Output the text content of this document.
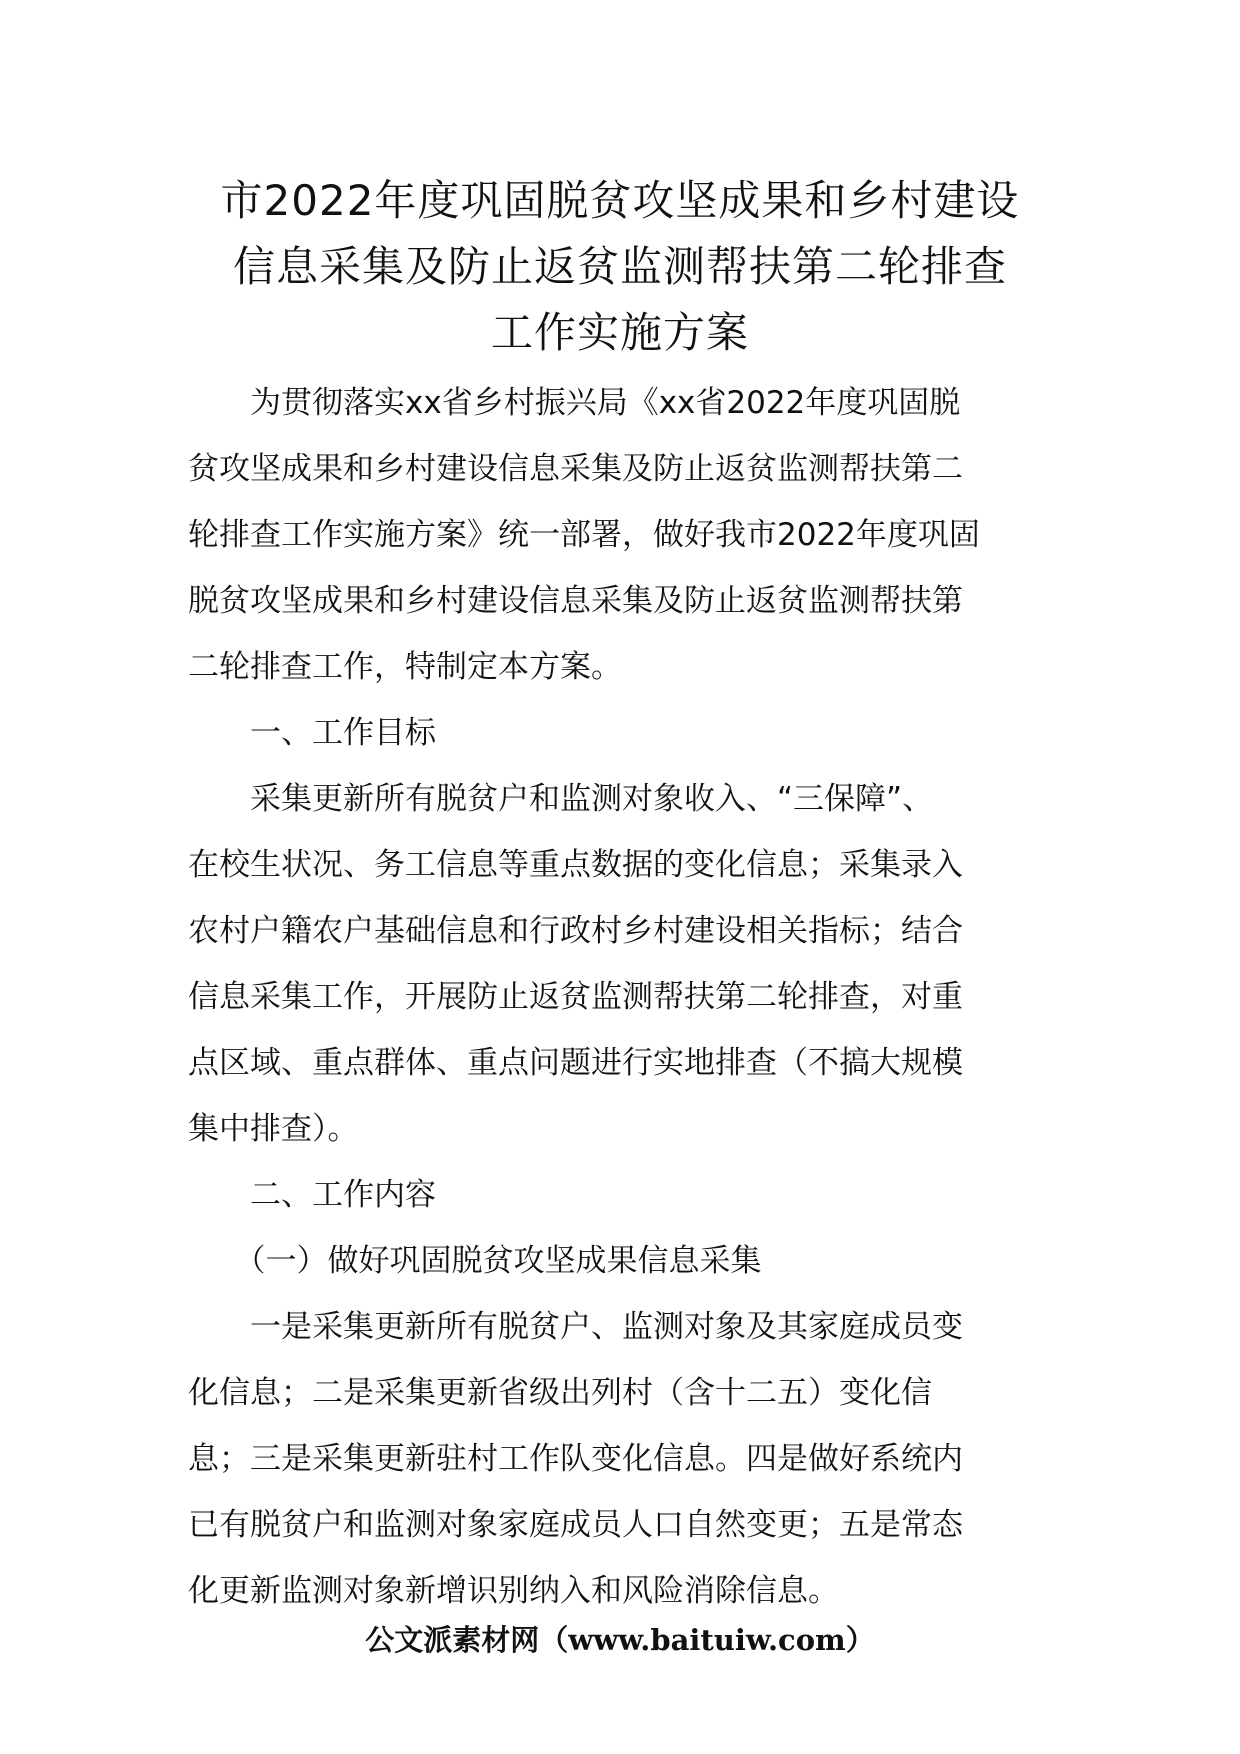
市2022年度巩固脱贫攻坚成果和乡村建设
信息采集及防止返贫监测帮扶第二轮排查
工作实施方案
　　为贯彻落实xx省乡村振兴局《xx省2022年度巩固脱
贫攻坚成果和乡村建设信息采集及防止返贫监测帮扶第二
轮排查工作实施方案》统一部署，做好我市2022年度巩固
脱贫攻坚成果和乡村建设信息采集及防止返贫监测帮扶第
二轮排查工作，特制定本方案。
　　一、工作目标
　　采集更新所有脱贫户和监测对象收入、“三保障”、
在校生状况、务工信息等重点数据的变化信息；采集录入
农村户籍农户基础信息和行政村乡村建设相关指标；结合
信息采集工作，开展防止返贫监测帮扶第二轮排查，对重
点区域、重点群体、重点问题进行实地排查（不搞大规模
集中排查）。
　　二、工作内容
　　（一）做好巩固脱贫攻坚成果信息采集
　　一是采集更新所有脱贫户、监测对象及其家庭成员变
化信息；二是采集更新省级出列村（含十二五）变化信
息；三是采集更新驻村工作队变化信息。四是做好系统内
已有脱贫户和监测对象家庭成员人口自然变更；五是常态
化更新监测对象新增识别纳入和风险消除信息。
公文派素材网（www.baituiw.com）
